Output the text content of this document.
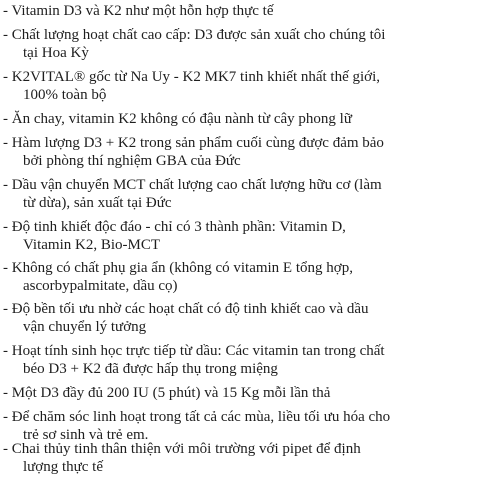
- Vitamin D3 và K2 như một hỗn hợp thực tế
- Chất lượng hoạt chất cao cấp: D3 được sản xuất cho chúng tôi
tại Hoa Kỳ
- K2VITAL® gốc từ Na Uy - K2 MK7 tinh khiết nhất thế giới,
100% toàn bộ
- Ăn chay, vitamin K2 không có đậu nành từ cây phong lữ
- Hàm lượng D3 + K2 trong sản phẩm cuối cùng được đảm bảo
bởi phòng thí nghiệm GBA của Đức
- Dầu vận chuyển MCT chất lượng cao chất lượng hữu cơ (làm
từ dừa), sản xuất tại Đức
- Độ tinh khiết độc đáo - chỉ có 3 thành phần: Vitamin D,
Vitamin K2, Bio-MCT
- Không có chất phụ gia ẩn (không có vitamin E tổng hợp,
ascorbypalmitate, dầu cọ)
- Độ bền tối ưu nhờ các hoạt chất có độ tinh khiết cao và dầu
vận chuyển lý tưởng
- Hoạt tính sinh học trực tiếp từ dầu: Các vitamin tan trong chất
béo D3 + K2 đã được hấp thụ trong miệng
- Một D3 đầy đủ 200 IU (5 phút) và 15 Kg mỗi lần thả
- Để chăm sóc linh hoạt trong tất cả các mùa, liều tối ưu hóa cho
trẻ sơ sinh và trẻ em.
- Chai thủy tinh thân thiện với môi trường với pipet để định
lượng thực tế
